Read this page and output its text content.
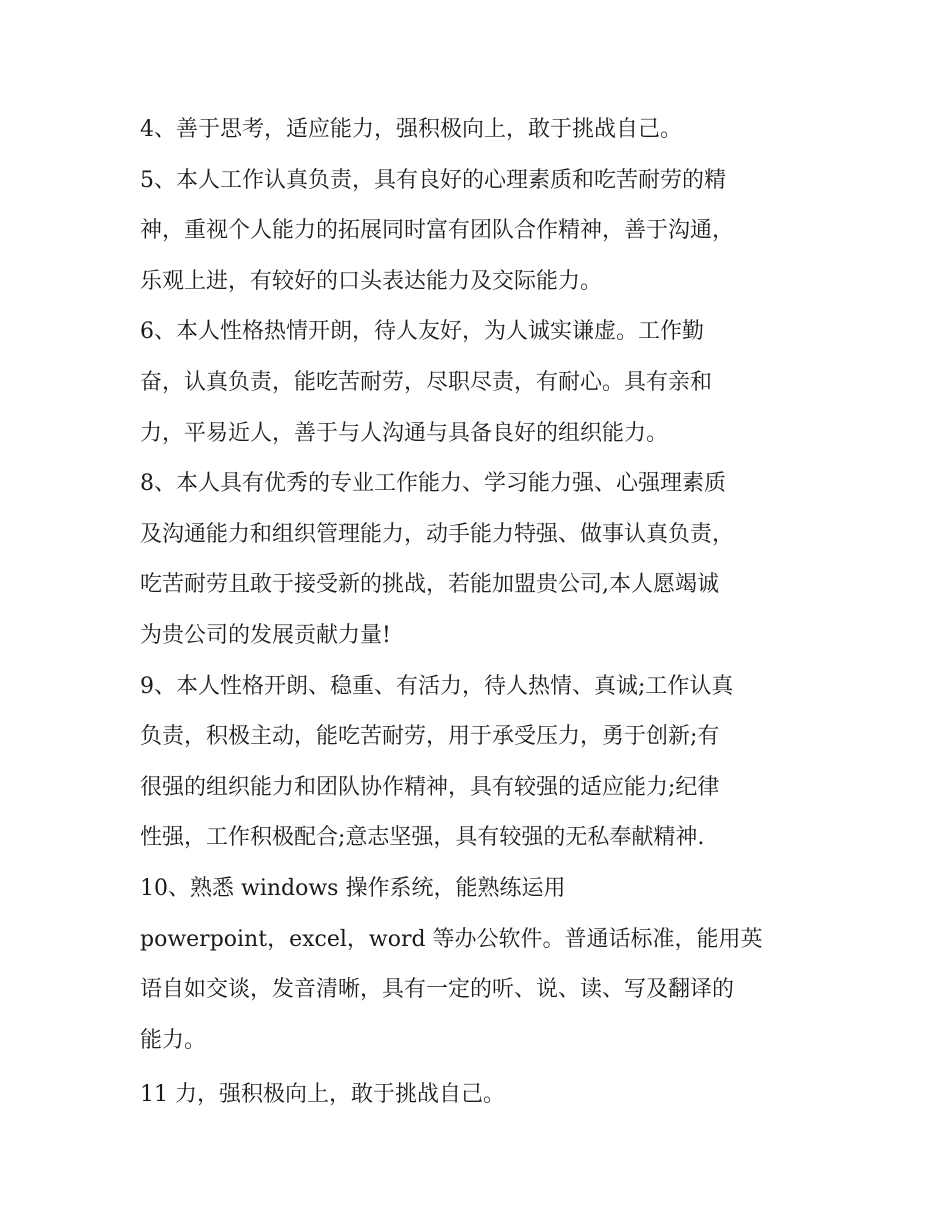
4、善于思考，适应能力，强积极向上，敢于挑战自己。
5、本人工作认真负责，具有良好的心理素质和吃苦耐劳的精
神，重视个人能力的拓展同时富有团队合作精神，善于沟通，
乐观上进，有较好的口头表达能力及交际能力。
6、本人性格热情开朗，待人友好，为人诚实谦虚。工作勤
奋，认真负责，能吃苦耐劳，尽职尽责，有耐心。具有亲和
力，平易近人，善于与人沟通与具备良好的组织能力。
8、本人具有优秀的专业工作能力、学习能力强、心强理素质
及沟通能力和组织管理能力，动手能力特强、做事认真负责，
吃苦耐劳且敢于接受新的挑战，若能加盟贵公司,本人愿竭诚
为贵公司的发展贡献力量!
9、本人性格开朗、稳重、有活力，待人热情、真诚;工作认真
负责，积极主动，能吃苦耐劳，用于承受压力，勇于创新;有
很强的组织能力和团队协作精神，具有较强的适应能力;纪律
性强，工作积极配合;意志坚强，具有较强的无私奉献精神.
10、熟悉 windows 操作系统，能熟练运用
powerpoint，excel，word 等办公软件。普通话标准，能用英
语自如交谈，发音清晰，具有一定的听、说、读、写及翻译的
能力。
11 力，强积极向上，敢于挑战自己。
